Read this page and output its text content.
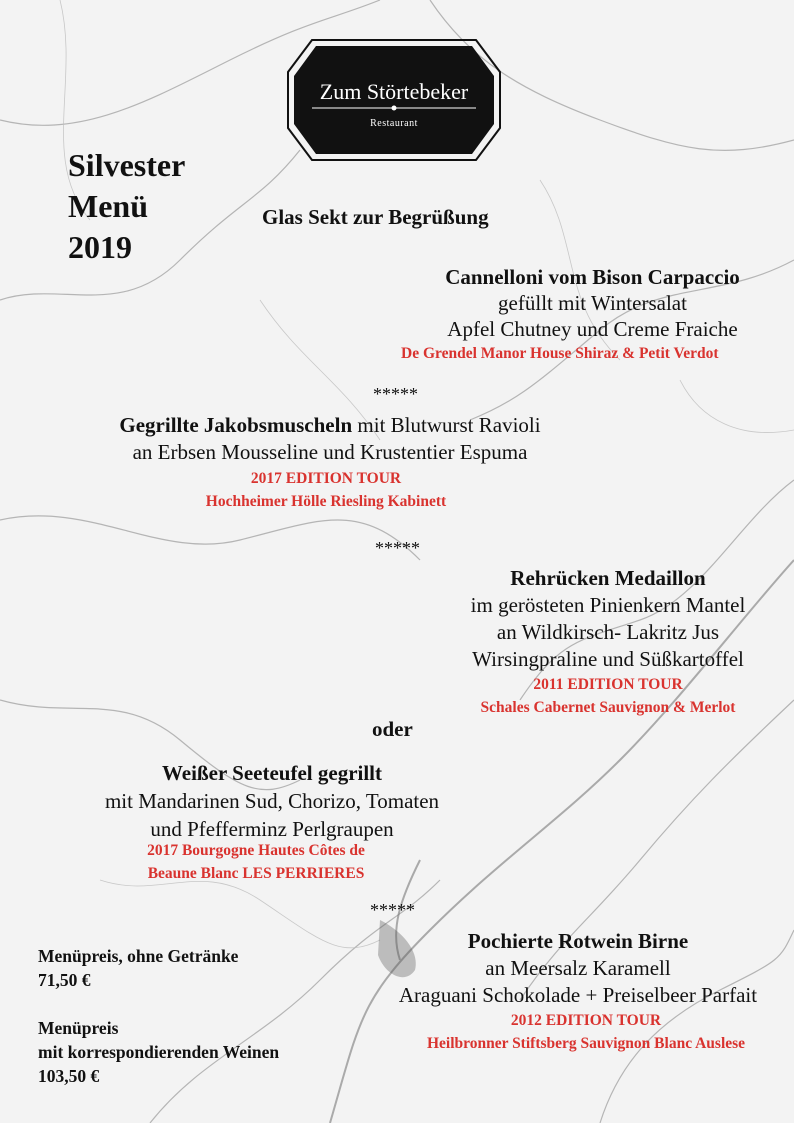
Zum Störtebeker
Restaurant
Silvester
Menü
2019
Glas Sekt zur Begrüßung
Cannelloni vom Bison Carpaccio
gefüllt mit Wintersalat
Apfel Chutney und Creme Fraiche
De Grendel Manor House Shiraz & Petit Verdot
*****
Gegrillte Jakobsmuscheln mit Blutwurst Ravioli
an Erbsen Mousseline und Krustentier Espuma
2017 EDITION TOUR
Hochheimer Hölle Riesling Kabinett
*****
Rehrücken Medaillon
im gerösteten Pinienkern Mantel
an Wildkirsch- Lakritz Jus
Wirsingpraline und Süßkartoffel
2011 EDITION TOUR
Schales Cabernet Sauvignon & Merlot
oder
Weißer Seeteufel gegrillt
mit Mandarinen Sud, Chorizo, Tomaten
und Pfefferminz Perlgraupen
2017 Bourgogne Hautes Côtes de
Beaune Blanc LES PERRIERES
*****
Pochierte Rotwein Birne
an Meersalz Karamell
Araguani Schokolade + Preiselbeer Parfait
2012 EDITION TOUR
Heilbronner Stiftsberg Sauvignon Blanc Auslese
Menüpreis, ohne Getränke
71,50 €
Menüpreis
mit korrespondierenden Weinen
103,50 €
